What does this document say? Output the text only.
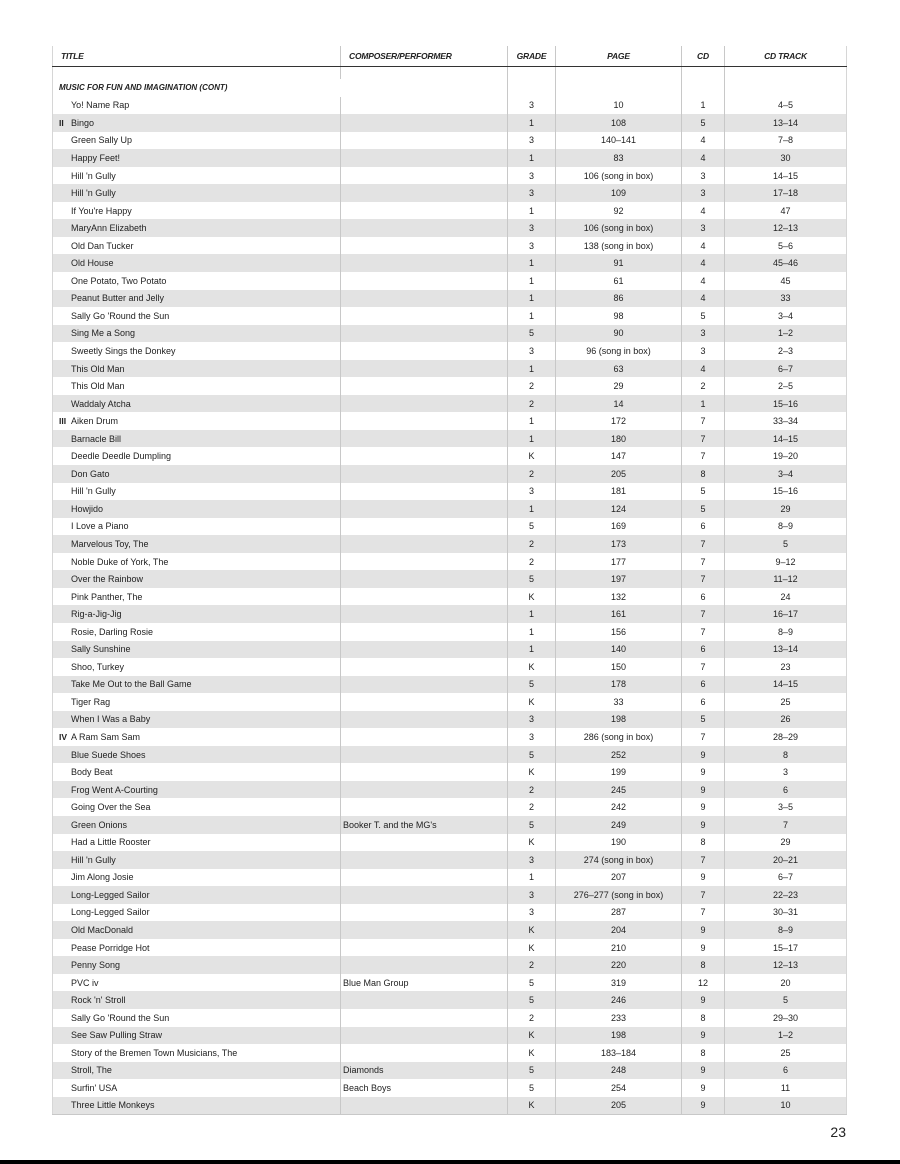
TITLE	COMPOSER/PERFORMER	GRADE	PAGE	CD	CD TRACK

MUSIC FOR FUN AND IMAGINATION (CONT)					
Yo! Name Rap		3	10	1	4–5
II Bingo		1	108	5	13–14
Green Sally Up		3	140–141	4	7–8
Happy Feet!		1	83	4	30
Hill 'n Gully		3	106 (song in box)	3	14–15
Hill 'n Gully		3	109	3	17–18
If You're Happy		1	92	4	47
MaryAnn Elizabeth		3	106 (song in box)	3	12–13
Old Dan Tucker		3	138 (song in box)	4	5–6
Old House		1	91	4	45–46
One Potato, Two Potato		1	61	4	45
Peanut Butter and Jelly		1	86	4	33
Sally Go 'Round the Sun		1	98	5	3–4
Sing Me a Song		5	90	3	1–2
Sweetly Sings the Donkey		3	96 (song in box)	3	2–3
This Old Man		1	63	4	6–7
This Old Man		2	29	2	2–5
Waddaly Atcha		2	14	1	15–16
III Aiken Drum		1	172	7	33–34
Barnacle Bill		1	180	7	14–15
Deedle Deedle Dumpling		K	147	7	19–20
Don Gato		2	205	8	3–4
Hill 'n Gully		3	181	5	15–16
Howjido		1	124	5	29
I Love a Piano		5	169	6	8–9
Marvelous Toy, The		2	173	7	5
Noble Duke of York, The		2	177	7	9–12
Over the Rainbow		5	197	7	11–12
Pink Panther, The		K	132	6	24
Rig-a-Jig-Jig		1	161	7	16–17
Rosie, Darling Rosie		1	156	7	8–9
Sally Sunshine		1	140	6	13–14
Shoo, Turkey		K	150	7	23
Take Me Out to the Ball Game		5	178	6	14–15
Tiger Rag		K	33	6	25
When I Was a Baby		3	198	5	26
IV A Ram Sam Sam		3	286 (song in box)	7	28–29
Blue Suede Shoes		5	252	9	8
Body Beat		K	199	9	3
Frog Went A-Courting		2	245	9	6
Going Over the Sea		2	242	9	3–5
Green Onions	Booker T. and the MG's	5	249	9	7
Had a Little Rooster		K	190	8	29
Hill 'n Gully		3	274 (song in box)	7	20–21
Jim Along Josie		1	207	9	6–7
Long-Legged Sailor		3	276–277 (song in box)	7	22–23
Long-Legged Sailor		3	287	7	30–31
Old MacDonald		K	204	9	8–9
Pease Porridge Hot		K	210	9	15–17
Penny Song		2	220	8	12–13
PVC iv	Blue Man Group	5	319	12	20
Rock 'n' Stroll		5	246	9	5
Sally Go 'Round the Sun		2	233	8	29–30
See Saw Pulling Straw		K	198	9	1–2
Story of the Bremen Town Musicians, The		K	183–184	8	25
Stroll, The	Diamonds	5	248	9	6
Surfin' USA	Beach Boys	5	254	9	11
Three Little Monkeys		K	205	9	10
23
